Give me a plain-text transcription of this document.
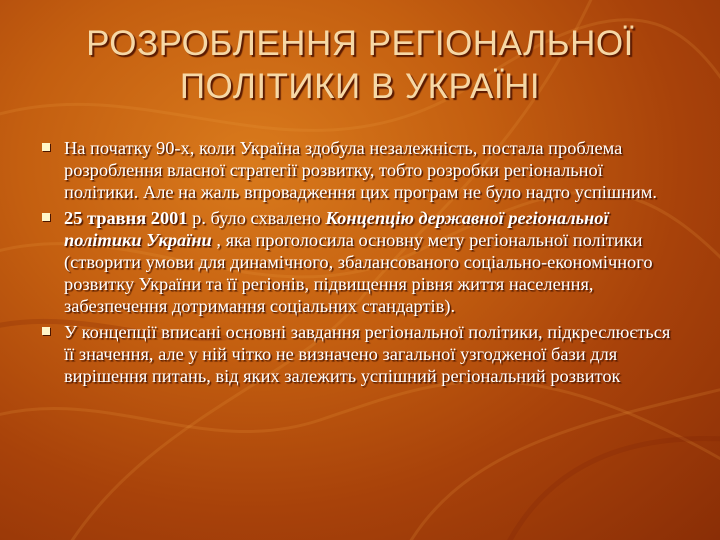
РОЗРОБЛЕННЯ РЕГІОНАЛЬНОЇ
ПОЛІТИКИ В УКРАЇНІ
На початку 90-х, коли Україна здобула незалежність, постала проблема розроблення власної стратегії розвитку, тобто розробки регіональної політики. Але на жаль впровадження цих програм не було надто успішним.
25 травня 2001 р. було схвалено Концепцію державної регіональної політики України , яка проголосила основну мету регіональної політики (створити умови для динамічного, збалансованого соціально-економічного розвитку України та її регіонів, підвищення рівня життя населення, забезпечення дотримання соціальних стандартів).
У концепції вписані основні завдання регіональної політики, підкреслюється її значення, але у ній чітко не визначено загальної узгодженої бази для вирішення питань, від яких залежить успішний регіональний розвиток
